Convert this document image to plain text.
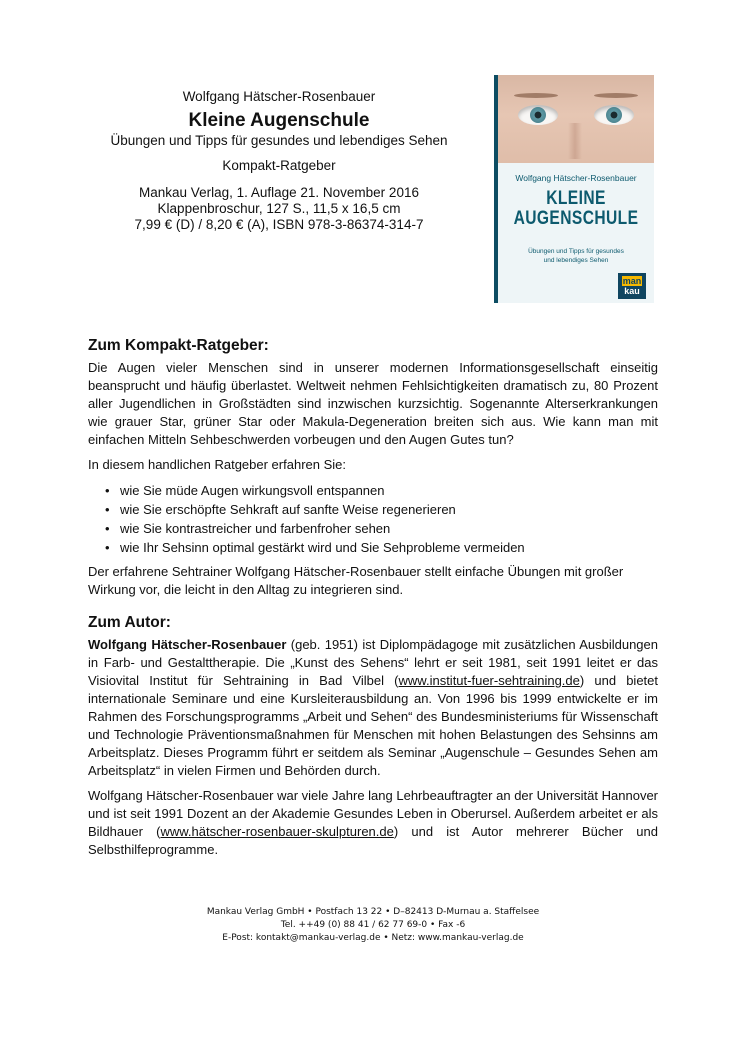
Wolfgang Hätscher-Rosenbauer
Kleine Augenschule
Übungen und Tipps für gesundes und lebendiges Sehen
Kompakt-Ratgeber
Mankau Verlag, 1. Auflage 21. November 2016
Klappenbroschur, 127 S., 11,5 x 16,5 cm
7,99 € (D) / 8,20 € (A), ISBN 978-3-86374-314-7
Wolfgang Hätscher-Rosenbauer
KLEINE
AUGENSCHULE
Übungen und Tipps für gesundes
und lebendiges Sehen
man
kau
Zum Kompakt-Ratgeber:

Die Augen vieler Menschen sind in unserer modernen Informationsgesellschaft einseitig beansprucht und häufig überlastet. Weltweit nehmen Fehlsichtigkeiten dramatisch zu, 80 Prozent aller Jugendlichen in Großstädten sind inzwischen kurzsichtig. Sogenannte Alterserkrankungen wie grauer Star, grüner Star oder Makula-Degeneration breiten sich aus. Wie kann man mit einfachen Mitteln Sehbeschwerden vorbeugen und den Augen Gutes tun?

In diesem handlichen Ratgeber erfahren Sie:

• wie Sie müde Augen wirkungsvoll entspannen
• wie Sie erschöpfte Sehkraft auf sanfte Weise regenerieren
• wie Sie kontrastreicher und farbenfroher sehen
• wie Ihr Sehsinn optimal gestärkt wird und Sie Sehprobleme vermeiden

Der erfahrene Sehtrainer Wolfgang Hätscher-Rosenbauer stellt einfache Übungen mit großer Wirkung vor, die leicht in den Alltag zu integrieren sind.

Zum Autor:

Wolfgang Hätscher-Rosenbauer (geb. 1951) ist Diplompädagoge mit zusätzlichen Ausbildungen in Farb- und Gestalttherapie. Die „Kunst des Sehens“ lehrt er seit 1981, seit 1991 leitet er das Visiovital Institut für Sehtraining in Bad Vilbel (www.institut-fuer-sehtraining.de) und bietet internationale Seminare und eine Kursleiterausbildung an. Von 1996 bis 1999 entwickelte er im Rahmen des Forschungsprogramms „Arbeit und Sehen“ des Bundesministeriums für Wissenschaft und Technologie Präventionsmaßnahmen für Menschen mit hohen Belastungen des Sehsinns am Arbeitsplatz. Dieses Programm führt er seitdem als Seminar „Augenschule – Gesundes Sehen am Arbeitsplatz“ in vielen Firmen und Behörden durch.

Wolfgang Hätscher-Rosenbauer war viele Jahre lang Lehrbeauftragter an der Universität Hannover und ist seit 1991 Dozent an der Akademie Gesundes Leben in Oberursel. Außerdem arbeitet er als Bildhauer (www.hätscher-rosenbauer-skulpturen.de) und ist Autor mehrerer Bücher und Selbsthilfeprogramme.

Mankau Verlag GmbH • Postfach 13 22 • D–82413 D-Murnau a. Staffelsee
Tel. ++49 (0) 88 41 / 62 77 69-0 • Fax -6
E-Post: kontakt@mankau-verlag.de • Netz: www.mankau-verlag.de
